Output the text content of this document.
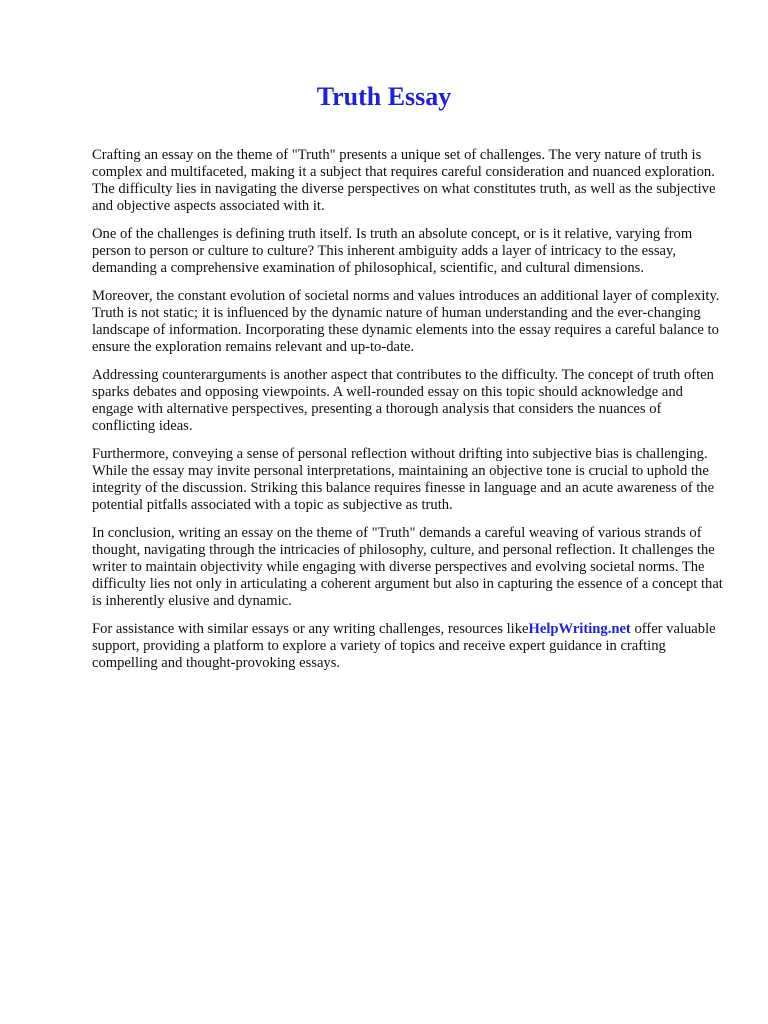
Truth Essay

Crafting an essay on the theme of "Truth" presents a unique set of challenges. The very nature of truth is complex and multifaceted, making it a subject that requires careful consideration and nuanced exploration. The difficulty lies in navigating the diverse perspectives on what constitutes truth, as well as the subjective and objective aspects associated with it.

One of the challenges is defining truth itself. Is truth an absolute concept, or is it relative, varying from person to person or culture to culture? This inherent ambiguity adds a layer of intricacy to the essay, demanding a comprehensive examination of philosophical, scientific, and cultural dimensions.

Moreover, the constant evolution of societal norms and values introduces an additional layer of complexity. Truth is not static; it is influenced by the dynamic nature of human understanding and the ever-changing landscape of information. Incorporating these dynamic elements into the essay requires a careful balance to ensure the exploration remains relevant and up-to-date.

Addressing counterarguments is another aspect that contributes to the difficulty. The concept of truth often sparks debates and opposing viewpoints. A well-rounded essay on this topic should acknowledge and engage with alternative perspectives, presenting a thorough analysis that considers the nuances of conflicting ideas.

Furthermore, conveying a sense of personal reflection without drifting into subjective bias is challenging. While the essay may invite personal interpretations, maintaining an objective tone is crucial to uphold the integrity of the discussion. Striking this balance requires finesse in language and an acute awareness of the potential pitfalls associated with a topic as subjective as truth.

In conclusion, writing an essay on the theme of "Truth" demands a careful weaving of various strands of thought, navigating through the intricacies of philosophy, culture, and personal reflection. It challenges the writer to maintain objectivity while engaging with diverse perspectives and evolving societal norms. The difficulty lies not only in articulating a coherent argument but also in capturing the essence of a concept that is inherently elusive and dynamic.

For assistance with similar essays or any writing challenges, resources likeHelpWriting.net offer valuable support, providing a platform to explore a variety of topics and receive expert guidance in crafting compelling and thought-provoking essays.
